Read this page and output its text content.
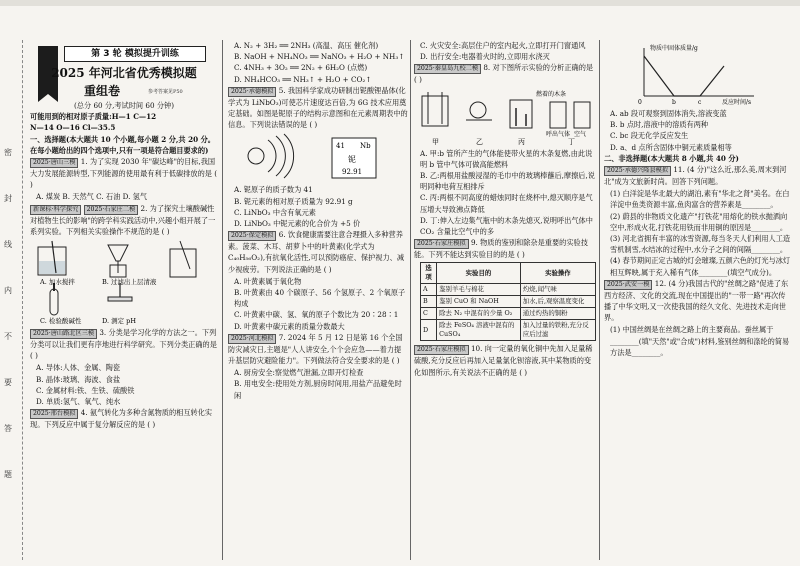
密
封
线
内
不
要
答
题
第 3 轮 模拟提升训练
2025 年河北省优秀模拟题
重组卷	参考答案见P50
(总分 60 分,考试时间 60 分钟)
可能用到的相对原子质量:H—1 C—12
N—14 O—16 Cl—35.5
一、选择题(本大题共 10 个小题,每小题 2 分,共 20 分。在每小题给出的四个选项中,只有一项是符合题目要求的)
2025·唐山三模 1. 为了实现 2030 年"碳达峰"的目标,我国大力发展能源转型,下列能源的使用最有利于低碳排放的是 ( )
A. 煤炭 B. 天然气 C. 石油 D. 氢气
新课标·科学探究 2025·石家庄二模 2. 为了探究土壤酸碱性对植物生长的影响"的跨学科实践活动中,兴趣小组开展了一系列实验。下列相关实验操作不规范的是 ( )
A. 加水搅拌	B. 过滤出上层清液
C. 检验酸碱性	D. 测定 pH
2025·唐山路北区三模 3. 分类是学习化学的方法之一。下列分类可以让我们更有序地进行科学研究。下列分类正确的是 ( )
A. 导体:人体、金属、陶瓷
B. 晶体:玻璃、海波、食盐
C. 金属材料:铁、生铁、硫酸铁
D. 单质:氢气、氧气、纯水
2025·邢台模拟 4. 氨气转化为多种含氮物质的相互转化实现。下列反应中属于复分解反应的是 ( )
A. N₂ + 3H₂ ══ 2NH₃ (高温、高压 催化剂)
B. NaOH + NH₄NO₃ ══ NaNO₃ + H₂O + NH₃↑
C. 4NH₃ + 3O₂ ══ 2N₂ + 6H₂O (点燃)
D. NH₄HCO₃ ══ NH₃↑ + H₂O + CO₂↑
2025·承德模拟 5. 我国科学家成功研制出铌酸锂晶体(化学式为 LiNbO₃)可使芯片速度达百倍,为 6G 技术应用奠定基础。如图是铌原子的结构示意图和在元素周期表中的信息。下列说法错误的是 ( )
41 Nb
铌
92.91
A. 铌原子的质子数为 41
B. 铌元素的相对原子质量为 92.91 g
C. LiNbO₃ 中含有氧元素
D. LiNbO₃ 中铌元素的化合价为 +5 价
2025·保定模拟 6. 饮食健康需要注意合理摄入多种营养素。菠菜、木耳、胡萝卜中的叶黄素(化学式为 C₄₀H₅₆O₂),有抗氧化活性,可以预防癌症、保护视力、减少视疲劳。下列说法正确的是 ( )
A. 叶黄素属于氧化物
B. 叶黄素由 40 个碳原子、56 个氢原子、2 个氧原子构成
C. 叶黄素中碳、氢、氧的原子个数比为 20∶28∶1
D. 叶黄素中碳元素的质量分数最大
2025·河北模拟 7. 2024 年 5 月 12 日是第 16 个全国防灾减灾日,主题是"人人讲安全,个个会应急——着力提升基层防灾避险能力"。下列做法符合安全要求的是 ( )
A. 厨房安全:察觉燃气泄漏,立即开灯检查
B. 用电安全:使用处方剂,厨房时间用,用盐产品避免时闲
C. 火灾安全:高层住户的室内起火,立即打开门窗通风
D. 出行安全:电器着火时的,立即用水浇灭
2025·秦皇岛九校二模 8. 对下图所示实验的分析正确的是 ( )
燃着的木条
呼出气体 空气
甲	乙	丙	丁
A. 甲:b 管所产生的气体能使带火星的木条复燃,由此说明 b 管中气体可做高能燃料
B. 乙:两根用盐酸浸湿的毛巾中的玻璃棒蘸后,摩擦后,说明同种电荷互相排斥
C. 丙:两根不同高度的蜡烛同时在烧杯中,熄灭顺序是气压增大导致沸点降低
D. 丁:伸入左边集气瓶中的木条先熄灭,说明呼出气体中 CO₂ 含量比空气中的多
2025·石家庄模拟 9. 物质的鉴别和除杂是重要的实验技能。下列不能达到实验目的的是 ( )
选项	实验目的	实验操作
A	鉴别羊毛与棉花	灼烧,闻气味
B	鉴别 CuO 和 NaOH	加水,后,观察温度变化
C	除去 N₂ 中混有的少量 O₂	通过灼热的铜粉
D	除去 FeSO₄ 溶液中混有的 CuSO₄	加入过量的铁粉,充分反应后过滤
2025·石家庄模拟 10. 向一定量的氧化铜中先加入足量稀硫酸,充分反应后再加入足量氯化钡溶液,其中某物质的变化如图所示,有关说法不正确的是 ( )
物质中固体质量/g
反应时间/s
0	b	c
A. ab 段可观察到固体消失,溶液变蓝
B. b 点时,溶液中的溶质有两种
C. bc 段无化学反应发生
D. a、d 点所含固体中铜元素质量相等
二、非选择题(本大题共 8 小题,共 40 分)
2025·承德兴隆县模拟 11. (4 分)"这么近,那么美,周末到河北"成为文旅新时尚。回答下列问题。
(1) 白洋淀是华北最大的湖泊,素有"华北之肾"美名。在白洋淀中鱼类资源丰富,鱼肉富含的营养素是________。
(2) 蔚县的非物质文化遗产"打铁花"用熔化的铁水抛洒向空中,形成火花,打铁花用铁而非用铜的原因是________。
(3) 河北省拥有丰富的冰雪资源,每当冬天人们利用人工造雪机制雪,水结冰的过程中,水分子之间的间隔________。
(4) 春节期间正定古城的灯会璀璨,五颜六色的灯光与冰灯相互辉映,属于充入稀有气体________(填空气成分)。
2025·武安一模 12. (4 分)我国古代的"丝绸之路"促进了东西方经济、文化的交流,现在中国提出的"一带一路"再次传播了中华文明,又一次使我国的经久文化、先进技术走向世界。
(1) 中国丝绸是在丝绸之路上的主要商品。蚕丝属于________(填"天然"或"合成")材料,鉴别丝绸和涤纶的简易方法是________。
